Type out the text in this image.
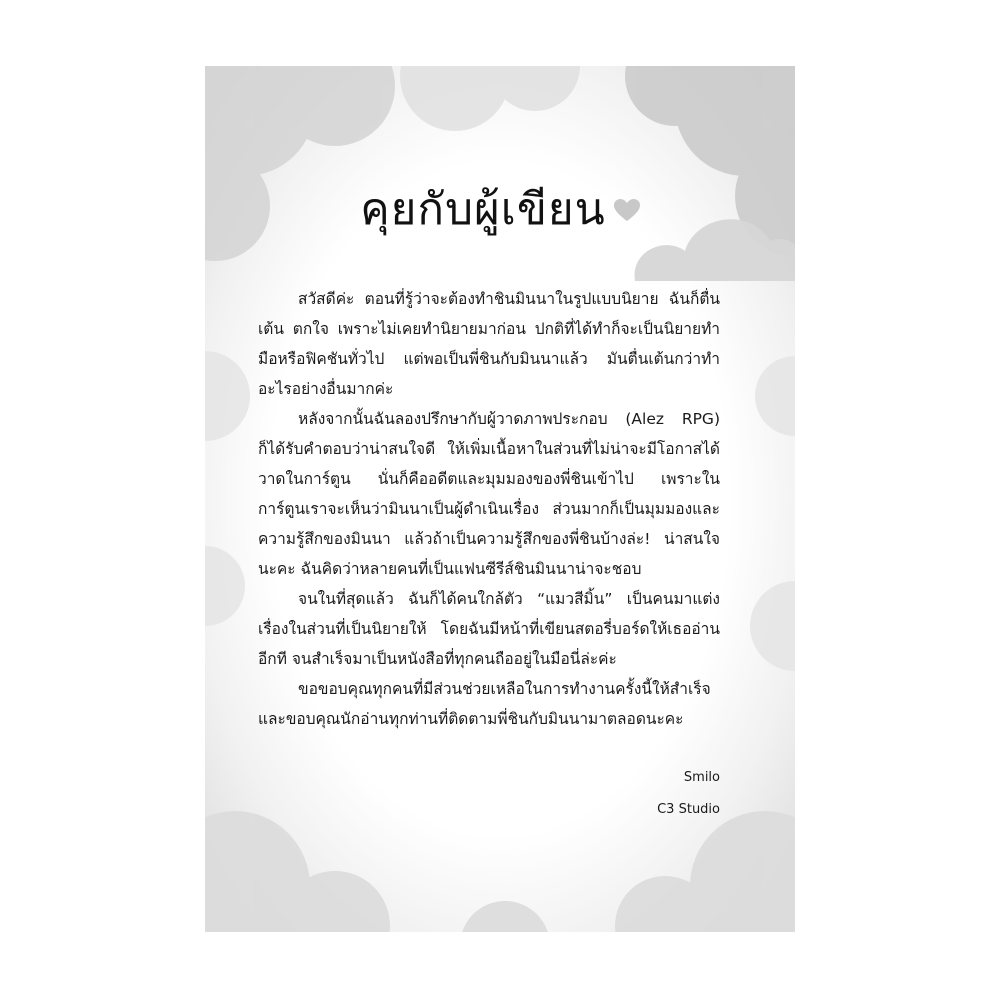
คุยกับผู้เขียน

สวัสดีค่ะ ตอนที่รู้ว่าจะต้องทำชินมินนาในรูปแบบนิยาย ฉันก็ตื่นเต้น ตกใจ เพราะไม่เคยทำนิยายมาก่อน ปกติที่ได้ทำก็จะเป็นนิยายทำมือหรือฟิคชันทั่วไป แต่พอเป็นพี่ชินกับมินนาแล้ว มันตื่นเต้นกว่าทำอะไรอย่างอื่นมากค่ะ

หลังจากนั้นฉันลองปรึกษากับผู้วาดภาพประกอบ (Alez RPG) ก็ได้รับคำตอบว่าน่าสนใจดี ให้เพิ่มเนื้อหาในส่วนที่ไม่น่าจะมีโอกาสได้วาดในการ์ตูน นั่นก็คืออดีตและมุมมองของพี่ชินเข้าไป เพราะในการ์ตูนเราจะเห็นว่ามินนาเป็นผู้ดำเนินเรื่อง ส่วนมากก็เป็นมุมมองและความรู้สึกของมินนา แล้วถ้าเป็นความรู้สึกของพี่ชินบ้างล่ะ! น่าสนใจนะคะ ฉันคิดว่าหลายคนที่เป็นแฟนซีรีส์ชินมินนาน่าจะชอบ

จนในที่สุดแล้ว ฉันก็ได้คนใกล้ตัว “แมวสีมิ้น” เป็นคนมาแต่งเรื่องในส่วนที่เป็นนิยายให้ โดยฉันมีหน้าที่เขียนสตอรี่บอร์ดให้เธออ่านอีกที จนสำเร็จมาเป็นหนังสือที่ทุกคนถืออยู่ในมือนี่ล่ะค่ะ

ขอขอบคุณทุกคนที่มีส่วนช่วยเหลือในการทำงานครั้งนี้ให้สำเร็จ และขอบคุณนักอ่านทุกท่านที่ติดตามพี่ชินกับมินนามาตลอดนะคะ

Smilo
C3 Studio
